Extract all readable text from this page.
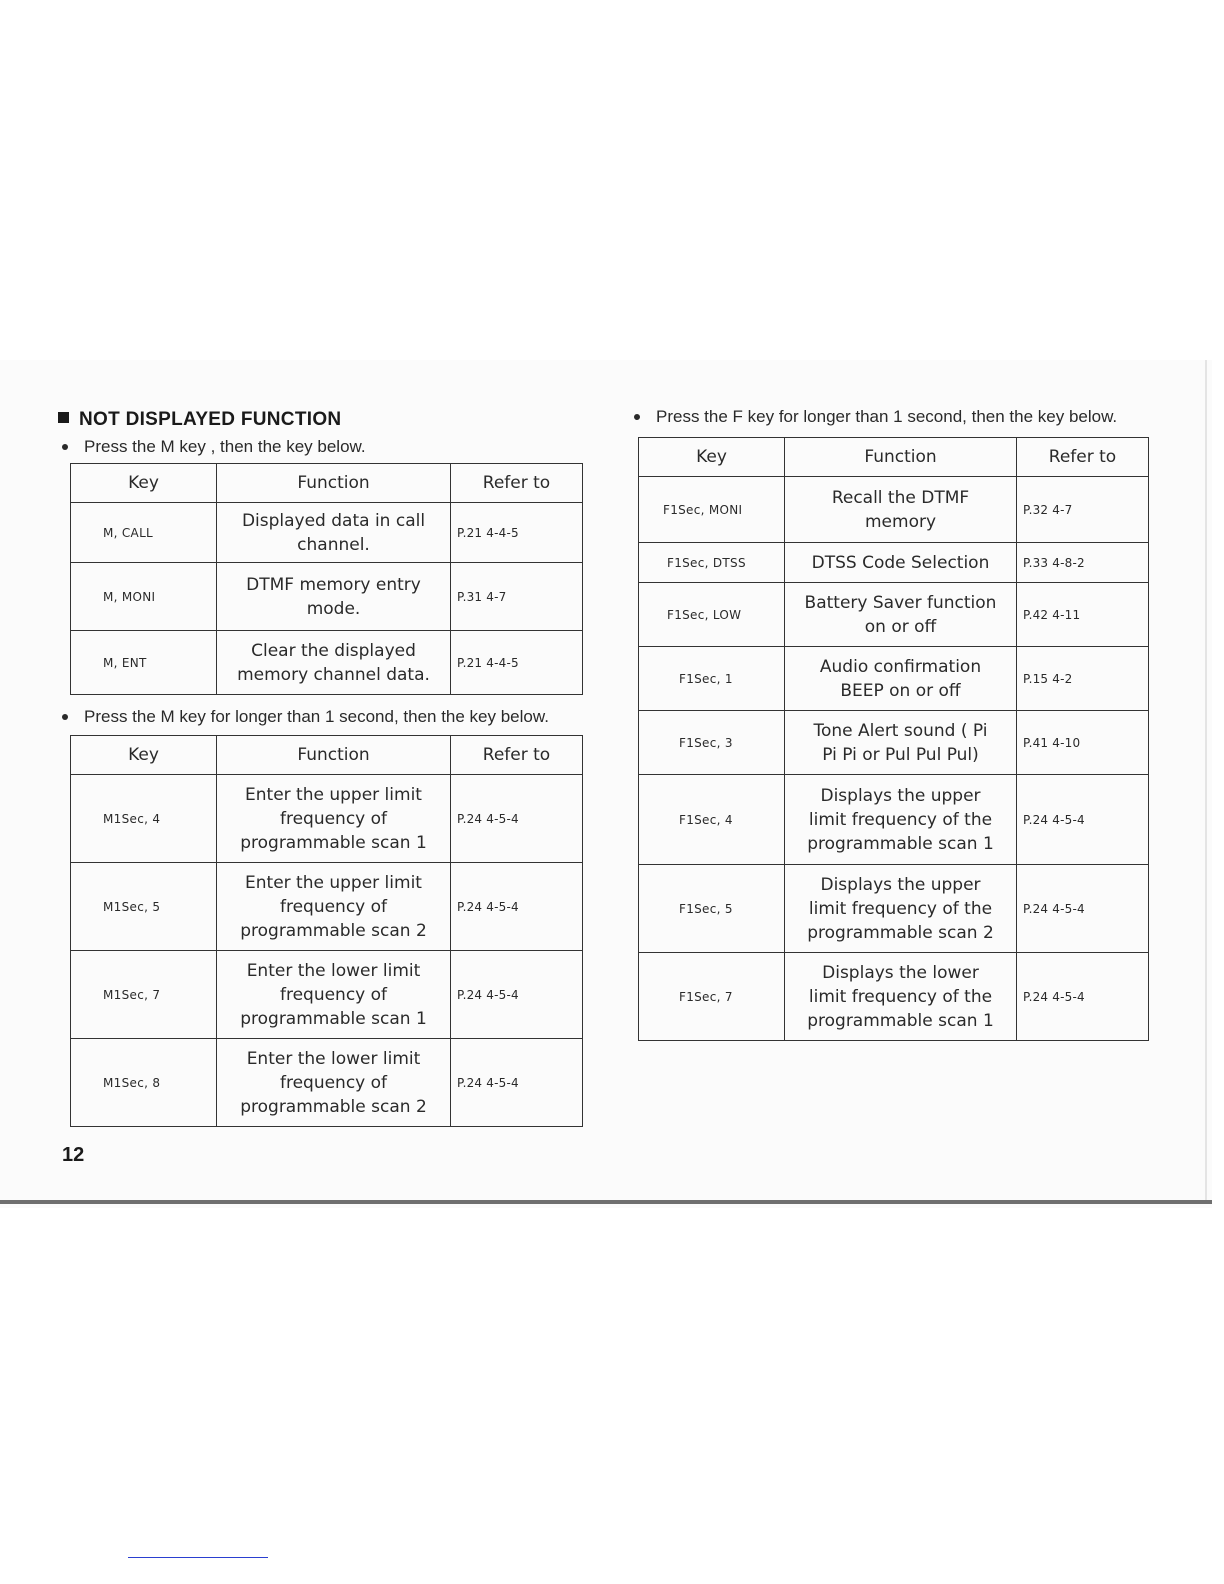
NOT DISPLAYED FUNCTION

Press the M key , then the key below.

Key	Function	Refer to
M, CALL	Displayed data in call
channel.	P.21 4-4-5
M, MONI	DTMF memory entry
mode.	P.31 4-7
M, ENT	Clear the displayed
memory channel data.	P.21 4-4-5

Press the M key for longer than 1 second, then the key below.

Key	Function	Refer to
M1Sec, 4	Enter the upper limit
frequency of
programmable scan 1	P.24 4-5-4
M1Sec, 5	Enter the upper limit
frequency of
programmable scan 2	P.24 4-5-4
M1Sec, 7	Enter the lower limit
frequency of
programmable scan 1	P.24 4-5-4
M1Sec, 8	Enter the lower limit
frequency of
programmable scan 2	P.24 4-5-4
12

Press the F key for longer than 1 second, then the key below.

Key	Function	Refer to
F1Sec, MONI	Recall the DTMF
memory	P.32 4-7
F1Sec, DTSS	DTSS Code Selection	P.33 4-8-2
F1Sec, LOW	Battery Saver function
on or off	P.42 4-11
F1Sec, 1	Audio confirmation
BEEP on or off	P.15 4-2
F1Sec, 3	Tone Alert sound ( Pi
Pi Pi or Pul Pul Pul)	P.41 4-10
F1Sec, 4	Displays the upper
limit frequency of the
programmable scan 1	P.24 4-5-4
F1Sec, 5	Displays the upper
limit frequency of the
programmable scan 2	P.24 4-5-4
F1Sec, 7	Displays the lower
limit frequency of the
programmable scan 1	P.24 4-5-4
